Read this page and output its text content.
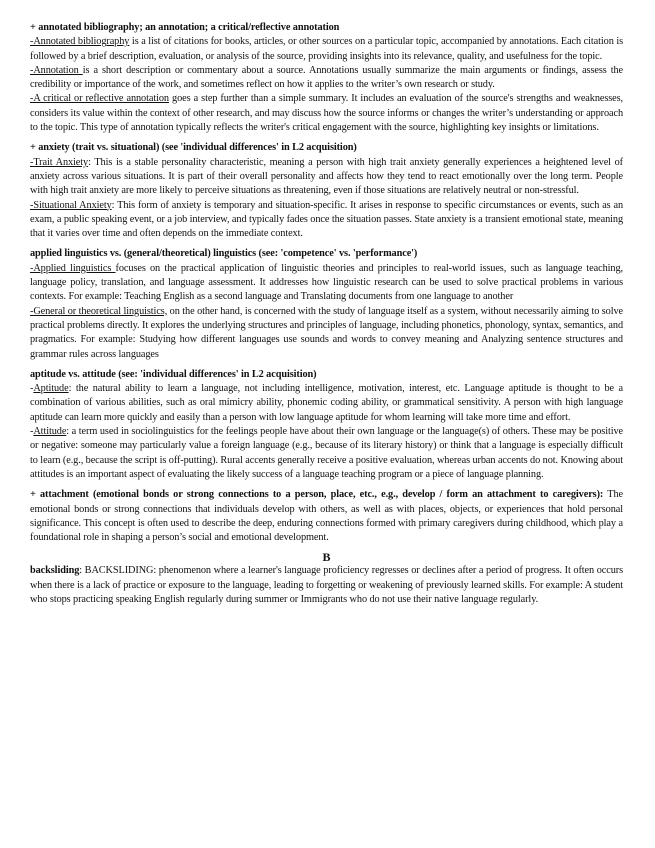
+ annotated bibliography; an annotation; a critical/reflective annotation
-Annotated bibliography is a list of citations for books, articles, or other sources on a particular topic, accompanied by annotations. Each citation is followed by a brief description, evaluation, or analysis of the source, providing insights into its relevance, quality, and usefulness for the topic.
-Annotation is a short description or commentary about a source. Annotations usually summarize the main arguments or findings, assess the credibility or importance of the work, and sometimes reflect on how it applies to the writer’s own research or study.
-A critical or reflective annotation goes a step further than a simple summary. It includes an evaluation of the source's strengths and weaknesses, considers its value within the context of other research, and may discuss how the source informs or changes the writer’s understanding or approach to the topic. This type of annotation typically reflects the writer's critical engagement with the source, highlighting key insights or limitations.
+ anxiety (trait vs. situational) (see 'individual differences' in L2 acquisition)
-Trait Anxiety: This is a stable personality characteristic, meaning a person with high trait anxiety generally experiences a heightened level of anxiety across various situations. It is part of their overall personality and affects how they tend to react emotionally over the long term. People with high trait anxiety are more likely to perceive situations as threatening, even if those situations are relatively neutral or non-stressful.
-Situational Anxiety: This form of anxiety is temporary and situation-specific. It arises in response to specific circumstances or events, such as an exam, a public speaking event, or a job interview, and typically fades once the situation passes. State anxiety is a transient emotional state, meaning that it varies over time and often depends on the immediate context.
applied linguistics vs. (general/theoretical) linguistics (see: 'competence' vs. 'performance')
-Applied linguistics focuses on the practical application of linguistic theories and principles to real-world issues, such as language teaching, language policy, translation, and language assessment. It addresses how linguistic research can be used to solve practical problems in various contexts. For example: Teaching English as a second language and Translating documents from one language to another
-General or theoretical linguistics, on the other hand, is concerned with the study of language itself as a system, without necessarily aiming to solve practical problems directly. It explores the underlying structures and principles of language, including phonetics, phonology, syntax, semantics, and pragmatics. For example: Studying how different languages use sounds and words to convey meaning and Analyzing sentence structures and grammar rules across languages
aptitude vs. attitude (see: 'individual differences' in L2 acquisition)
-Aptitude: the natural ability to learn a language, not including intelligence, motivation, interest, etc. Language aptitude is thought to be a combination of various abilities, such as oral mimicry ability, phonemic coding ability, or grammatical sensitivity. A person with high language aptitude can learn more quickly and easily than a person with low language aptitude for whom learning will take more time and effort.
-Attitude: a term used in sociolinguistics for the feelings people have about their own language or the language(s) of others. These may be positive or negative: someone may particularly value a foreign language (e.g., because of its literary history) or think that a language is especially difficult to learn (e.g., because the script is off-putting). Rural accents generally receive a positive evaluation, whereas urban accents do not. Knowing about attitudes is an important aspect of evaluating the likely success of a language teaching program or a piece of language planning.
+ attachment (emotional bonds or strong connections to a person, place, etc., e.g., develop / form an attachment to caregivers): The emotional bonds or strong connections that individuals develop with others, as well as with places, objects, or experiences that hold personal significance. This concept is often used to describe the deep, enduring connections formed with primary caregivers during childhood, which play a foundational role in shaping a person’s social and emotional development.
B
backsliding: BACKSLIDING: phenomenon where a learner's language proficiency regresses or declines after a period of progress. It often occurs when there is a lack of practice or exposure to the language, leading to forgetting or weakening of previously learned skills. For example: A student who stops practicing speaking English regularly during summer or Immigrants who do not use their native language regularly.
